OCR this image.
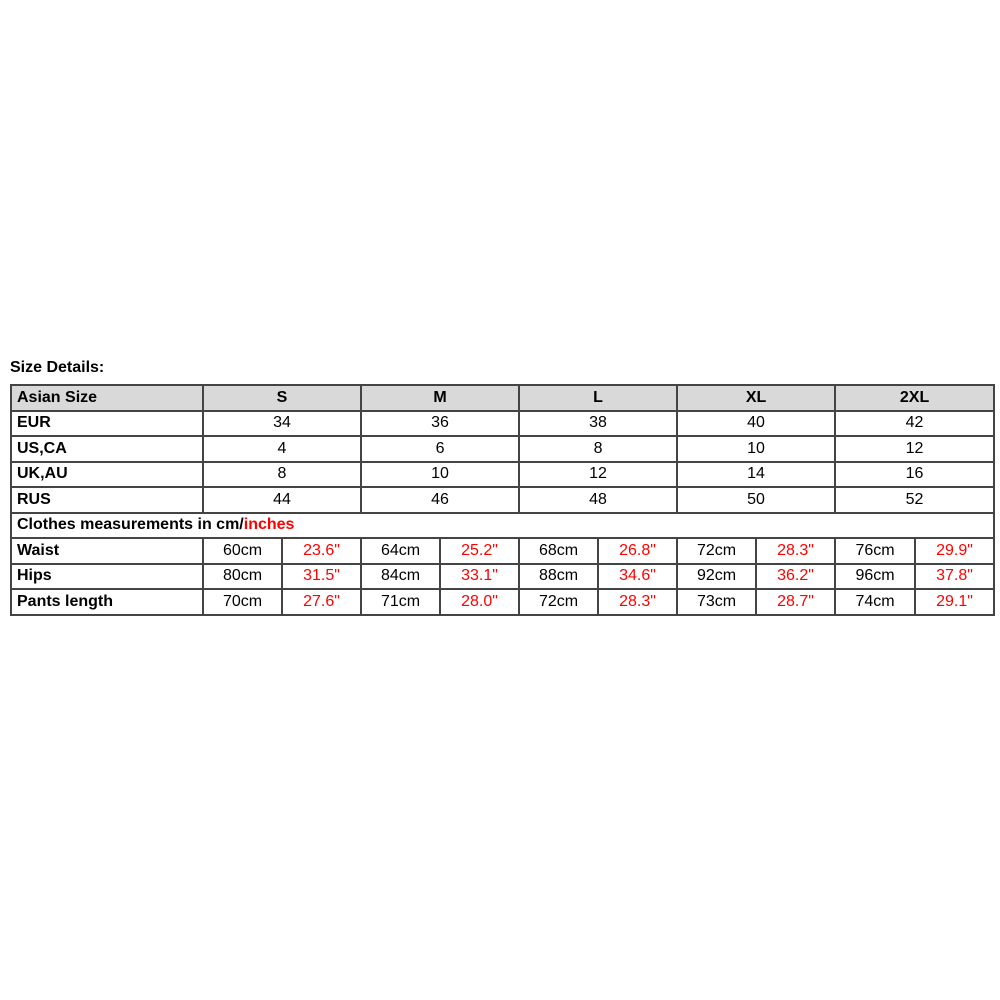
Size Details:
Asian Size	S		M		L		XL		2XL	
EUR	34		36		38		40		42	
US,CA	4		6		8		10		12	
UK,AU	8		10		12		14		16	
RUS	44		46		48		50		52	
Clothes measurements in cm/inches										
Waist	60cm	23.6"	64cm	25.2"	68cm	26.8"	72cm	28.3"	76cm	29.9"
Hips	80cm	31.5"	84cm	33.1"	88cm	34.6"	92cm	36.2"	96cm	37.8"
Pants length	70cm	27.6"	71cm	28.0"	72cm	28.3"	73cm	28.7"	74cm	29.1"
